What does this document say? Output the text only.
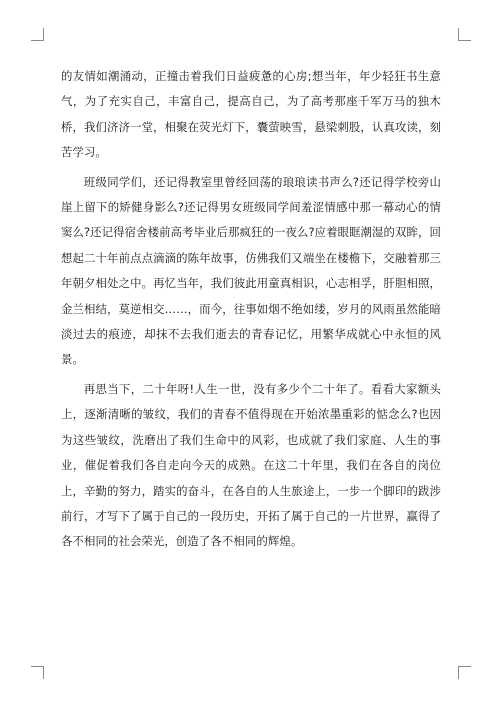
的友情如潮涌动，正撞击着我们日益疲惫的心房;想当年，年少轻狂书生意气，为了充实自己，丰富自己，提高自己，为了高考那座千军万马的独木桥，我们济济一堂，相聚在荧光灯下，囊萤映雪，悬梁刺股，认真攻读，刻苦学习。

班级同学们，还记得教室里曾经回荡的琅琅读书声么?还记得学校旁山崖上留下的矫健身影么?还记得男女班级同学间羞涩情感中那一幕动心的情窦么?还记得宿舍楼前高考毕业后那疯狂的一夜么?应着眼眶潮湿的双眸，回想起二十年前点点滴滴的陈年故事，仿佛我们又端坐在楼檐下，交融着那三年朝夕相处之中。再忆当年，我们彼此用童真相识，心志相孚，肝胆相照，金兰相结，莫逆相交……，而今，往事如烟不绝如缕，岁月的风雨虽然能暗淡过去的痕迹，却抹不去我们逝去的青春记忆，用繁华成就心中永恒的风景。

再思当下，二十年呀!人生一世，没有多少个二十年了。看看大家额头上，逐渐清晰的皱纹，我们的青春不值得现在开始浓墨重彩的惦念么?也因为这些皱纹，洗磨出了我们生命中的风彩，也成就了我们家庭、人生的事业，催促着我们各自走向今天的成熟。在这二十年里，我们在各自的岗位上，辛勤的努力，踏实的奋斗，在各自的人生旅途上，一步一个脚印的跋涉前行，才写下了属于自己的一段历史，开拓了属于自己的一片世界，赢得了各不相同的社会荣光，创造了各不相同的辉煌。
